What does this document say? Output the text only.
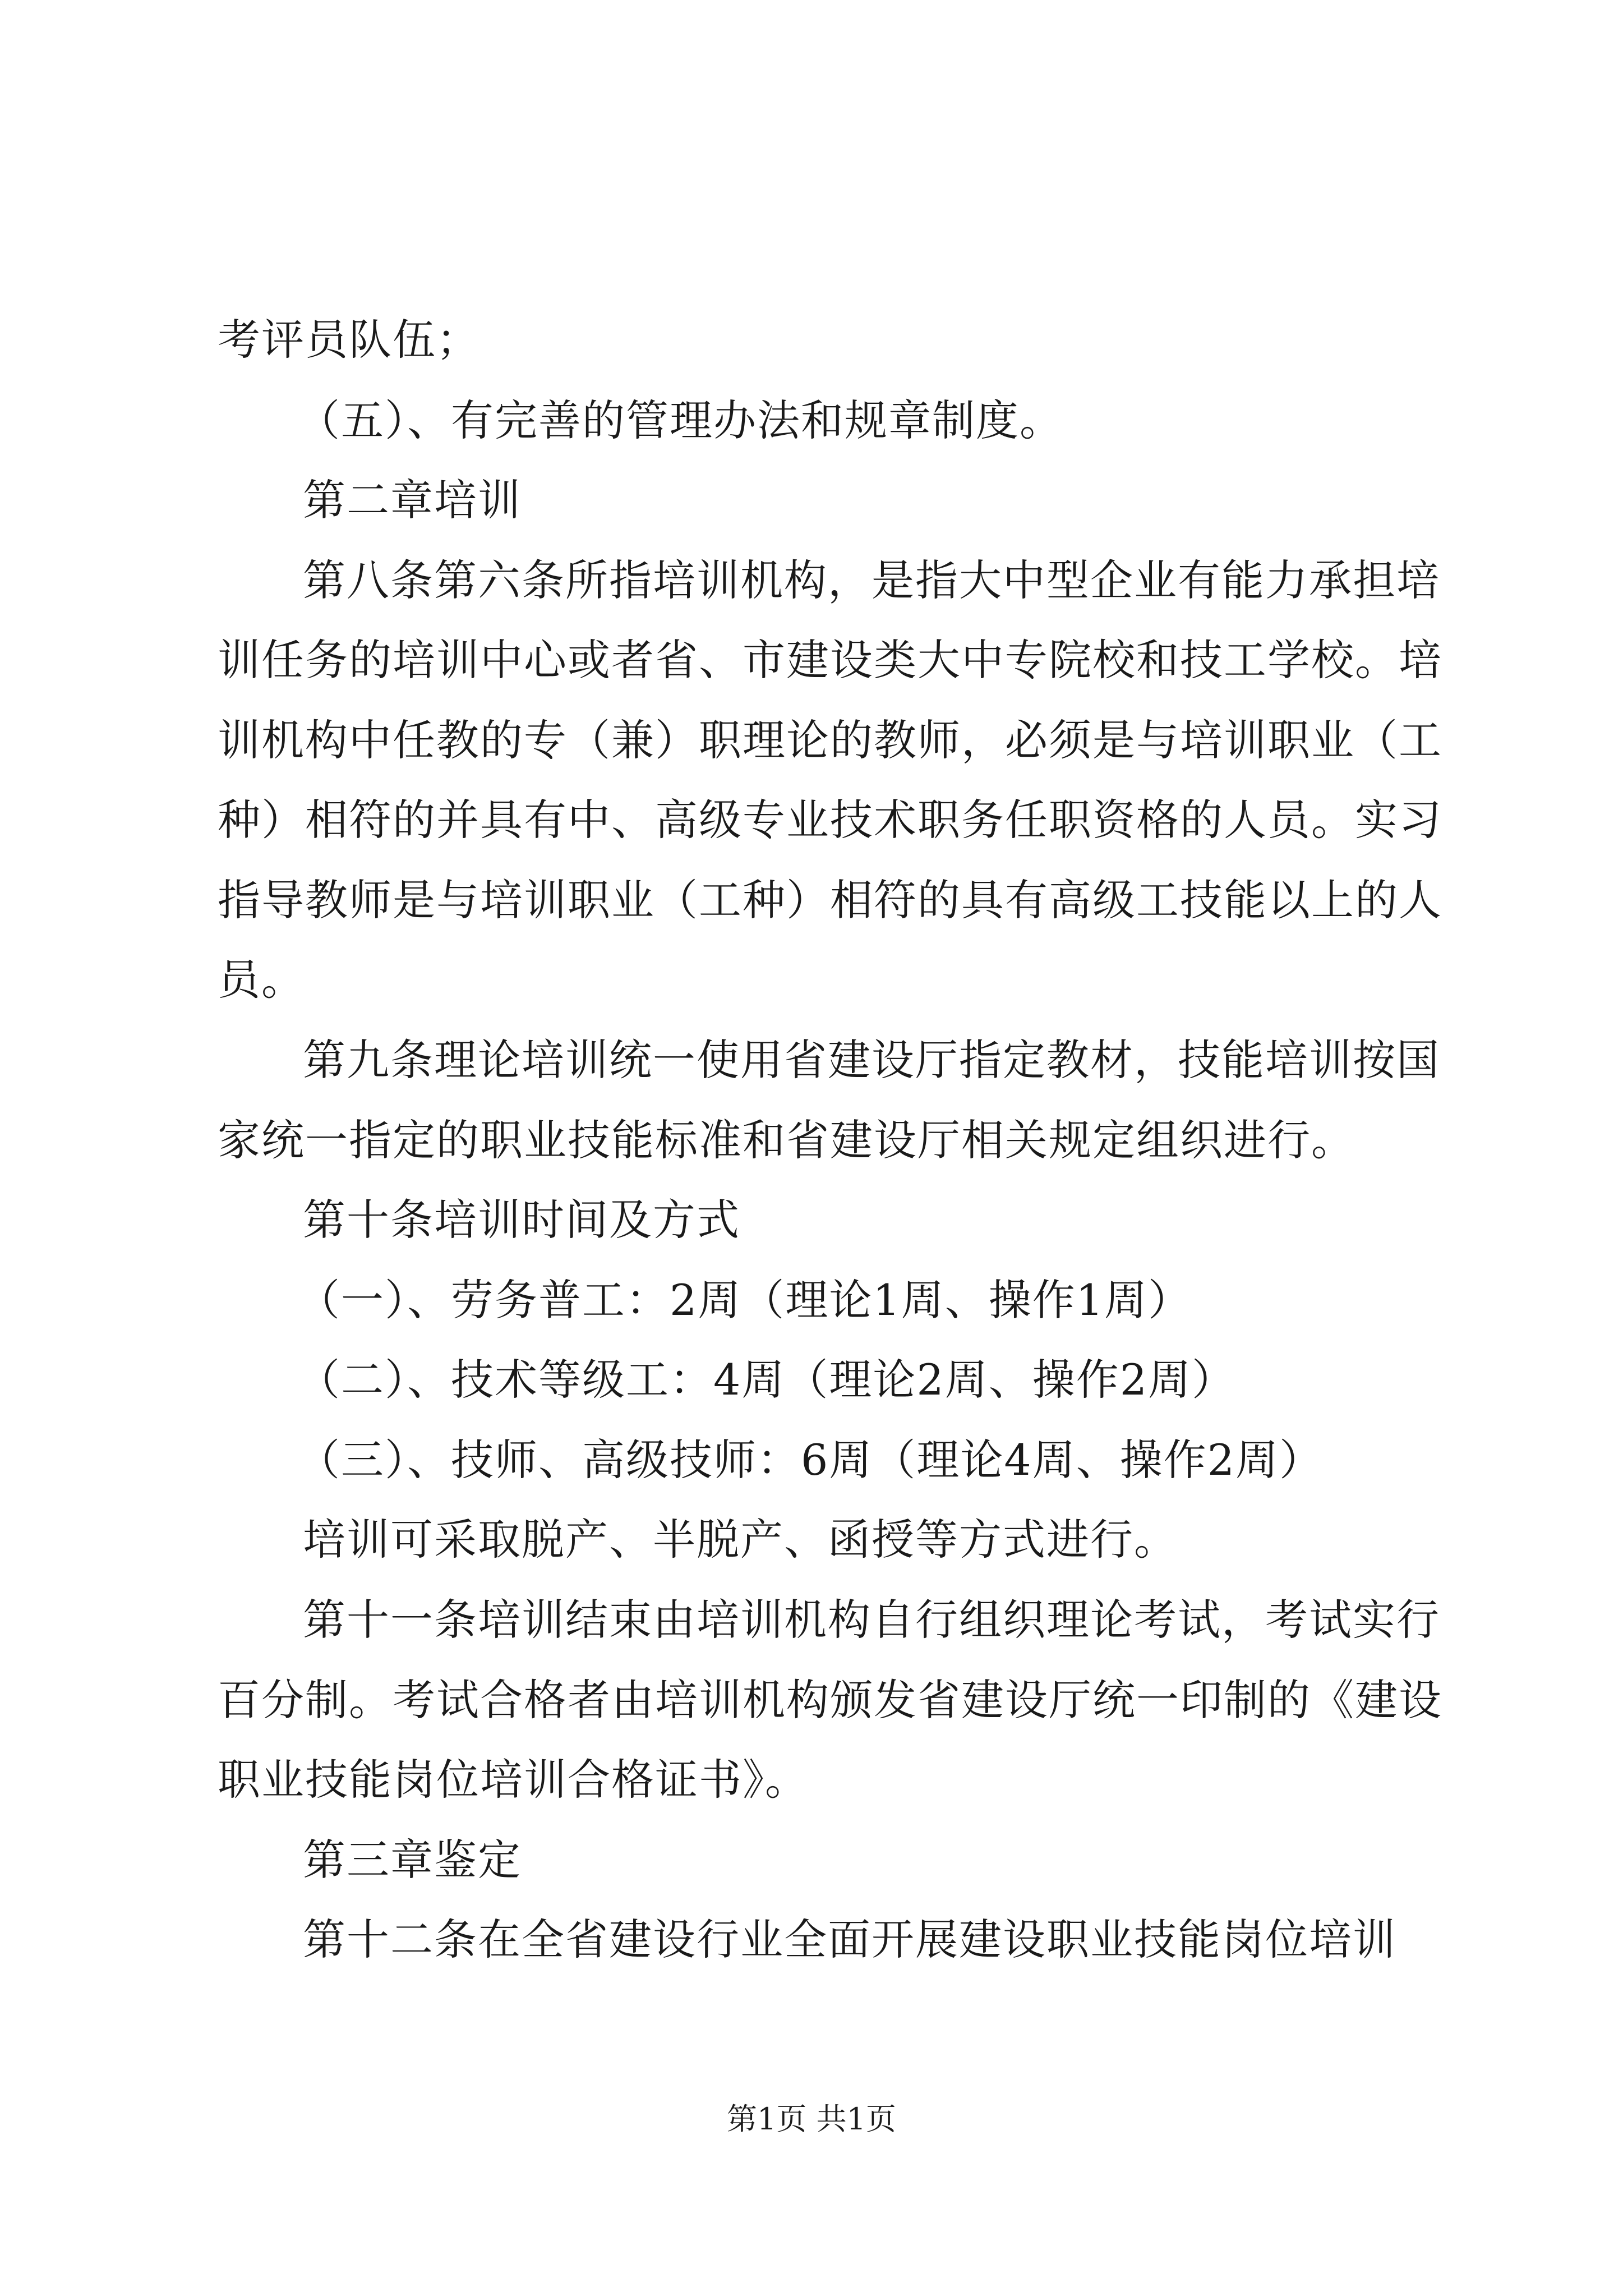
考评员队伍；
（五）、有完善的管理办法和规章制度。
第二章培训
第八条第六条所指培训机构，是指大中型企业有能力承担培
训任务的培训中心或者省、市建设类大中专院校和技工学校。培
训机构中任教的专（兼）职理论的教师，必须是与培训职业（工
种）相符的并具有中、高级专业技术职务任职资格的人员。实习
指导教师是与培训职业（工种）相符的具有高级工技能以上的人
员。
第九条理论培训统一使用省建设厅指定教材，技能培训按国
家统一指定的职业技能标准和省建设厅相关规定组织进行。
第十条培训时间及方式
（一）、劳务普工：2周（理论1周、操作1周）
（二）、技术等级工：4周（理论2周、操作2周）
（三）、技师、高级技师：6周（理论4周、操作2周）
培训可采取脱产、半脱产、函授等方式进行。
第十一条培训结束由培训机构自行组织理论考试，考试实行
百分制。考试合格者由培训机构颁发省建设厅统一印制的《建设
职业技能岗位培训合格证书》。
第三章鉴定
第十二条在全省建设行业全面开展建设职业技能岗位培训
第1页 共1页
